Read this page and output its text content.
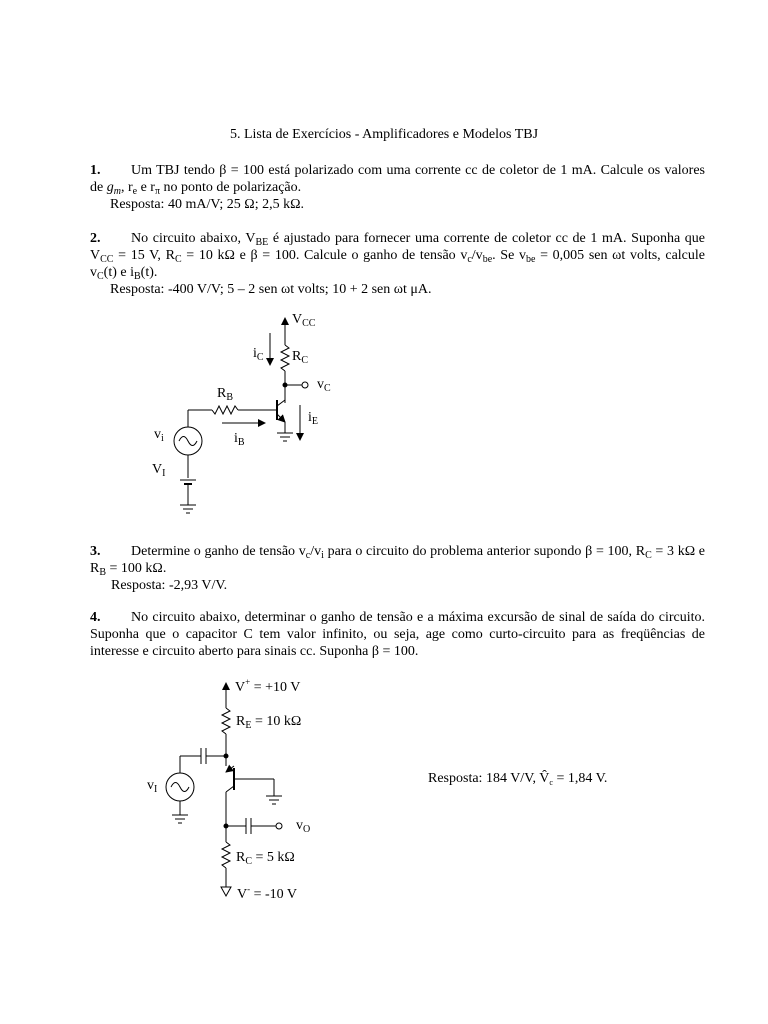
5. Lista de Exercícios - Amplificadores e Modelos TBJ
1.	Um TBJ tendo β = 100 está polarizado com uma corrente cc de coletor de 1 mA. Calcule os valores de $g_m$, $r_e$ e $r_\pi$ no ponto de polarização.

Resposta: 40 mA/V; 25 Ω; 2,5 kΩ.

2.	No circuito abaixo, $V_{BE}$ é ajustado para fornecer uma corrente de coletor cc de 1 mA. Suponha que $V_{CC} = 15$ V, $R_C = 10$ kΩ e β = 100. Calcule o ganho de tensão $v_c/v_{be}$. Se $v_{be} = 0,005$ sen ωt volts, calcule $v_C(t)$ e $i_B(t)$.

Resposta: -400 V/V; 5 – 2 sen ωt volts; 10 + 2 sen ωt μA.

3.	Determine o ganho de tensão $v_c/v_i$ para o circuito do problema anterior supondo β = 100, $R_C = 3$ kΩ e $R_B = 100$ kΩ.

Resposta: -2,93 V/V.

4.	No circuito abaixo, determinar o ganho de tensão e a máxima excursão de sinal de saída do circuito. Suponha que o capacitor C tem valor infinito, ou seja, age como curto-circuito para as freqüências de interesse e circuito aberto para sinais cc. Suponha β = 100.

Resposta: 184 V/V, $V̂_c = 1,84$ V.
$V_{CC}$
$i_C$ $R_C$
$v_C$
$R_B$
$i_E$
$v_i$	$i_B$
$V_I$
V+ = +10 V
$R_E = 10$ kΩ
$v_I$
$v_O$
$R_C = 5$ kΩ
V- = -10 V
